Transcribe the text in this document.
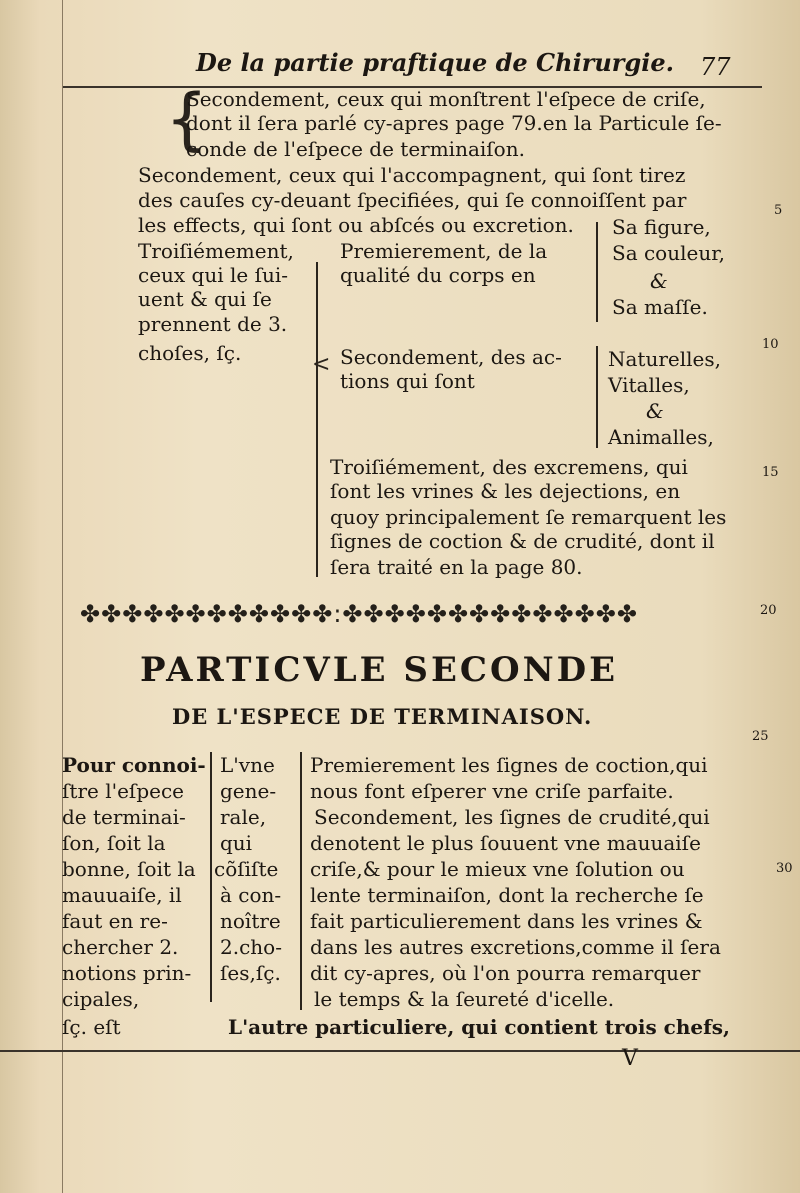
De la partie praƒtique de Chirurgie. 77
{
Secondement, ceux qui monſtrent l'eſpece de criſe,
dont il ſera parlé cy-apres page 79.en la Particule ſe-
conde de l'eſpece de terminaiſon.
Secondement, ceux qui l'accompagnent, qui ſont tirez
des cauſes cy-deuant ſpecifiées, qui ſe connoiſſent par
les effects, qui ſont ou abſcés ou excretion.
Troiſiémement,
ceux qui le ſui-
uent & qui ſe
prennent de 3.
choſes, ſç.	<
Premierement, de la
qualité du corps en
Sa figure,
Sa couleur,
&
Sa maſſe.
Secondement, des ac-
tions qui ſont
Naturelles,
Vitalles,
&
Animalles,
Troiſiémement, des excremens, qui
ſont les vrines & les dejections, en
quoy principalement ſe remarquent les
ſignes de coction & de crudité, dont il
ſera traité en la page 80.
5
10
15
20
25
30
✤✤✤✤✤✤✤✤✤✤✤✤:✤✤✤✤✤✤✤✤✤✤✤✤✤✤
PARTICVLE SECONDE
DE L'ESPECE DE TERMINAISON.
Pour connoi-
ſtre l'eſpece
de terminai-
ſon, ſoit la
bonne, ſoit la
mauuaiſe, il
faut en re-
chercher 2.
notions prin-
cipales,
ſç. eſt
L'vne
gene-
rale,
qui
cõſiſte
à con-
noître
2.cho-
ſes,ſç.
Premierement les ſignes de coction,qui
nous font eſperer vne criſe parfaite.
Secondement, les ſignes de crudité,qui
denotent le plus ſouuent vne mauuaiſe
criſe,& pour le mieux vne ſolution ou
lente terminaiſon, dont la recherche ſe
fait particulierement dans les vrines &
dans les autres excretions,comme il ſera
dit cy-apres, où l'on pourra remarquer
le temps & la ſeureté d'icelle.
L'autre particuliere, qui contient trois chefs,
V
